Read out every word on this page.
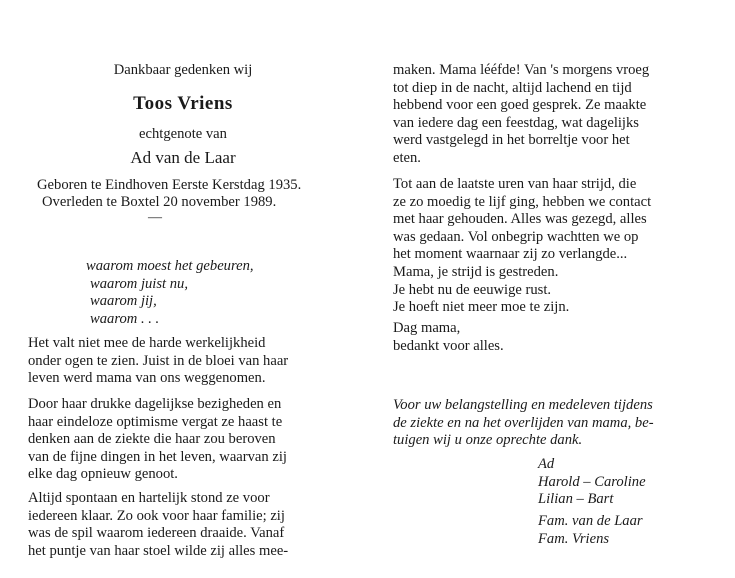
Dankbaar gedenken wij
Toos Vriens
echtgenote van
Ad van de Laar
Geboren te Eindhoven Eerste Kerstdag 1935.
Overleden te Boxtel 20 november 1989.
—
waarom moest het gebeuren,
waarom juist nu,
waarom jij,
waarom . . .
Het valt niet mee de harde werkelijkheid
onder ogen te zien. Juist in de bloei van haar
leven werd mama van ons weggenomen.
Door haar drukke dagelijkse bezigheden en
haar eindeloze optimisme vergat ze haast te
denken aan de ziekte die haar zou beroven
van de fijne dingen in het leven, waarvan zij
elke dag opnieuw genoot.
Altijd spontaan en hartelijk stond ze voor
iedereen klaar. Zo ook voor haar familie; zij
was de spil waarom iedereen draaide. Vanaf
het puntje van haar stoel wilde zij alles mee-
maken. Mama lééfde! Van 's morgens vroeg
tot diep in de nacht, altijd lachend en tijd
hebbend voor een goed gesprek. Ze maakte
van iedere dag een feestdag, wat dagelijks
werd vastgelegd in het borreltje voor het
eten.
Tot aan de laatste uren van haar strijd, die
ze zo moedig te lijf ging, hebben we contact
met haar gehouden. Alles was gezegd, alles
was gedaan. Vol onbegrip wachtten we op
het moment waarnaar zij zo verlangde...
Mama, je strijd is gestreden.
Je hebt nu de eeuwige rust.
Je hoeft niet meer moe te zijn.
Dag mama,
bedankt voor alles.
Voor uw belangstelling en medeleven tijdens
de ziekte en na het overlijden van mama, be-
tuigen wij u onze oprechte dank.
Ad
Harold – Caroline
Lilian – Bart
Fam. van de Laar
Fam. Vriens
